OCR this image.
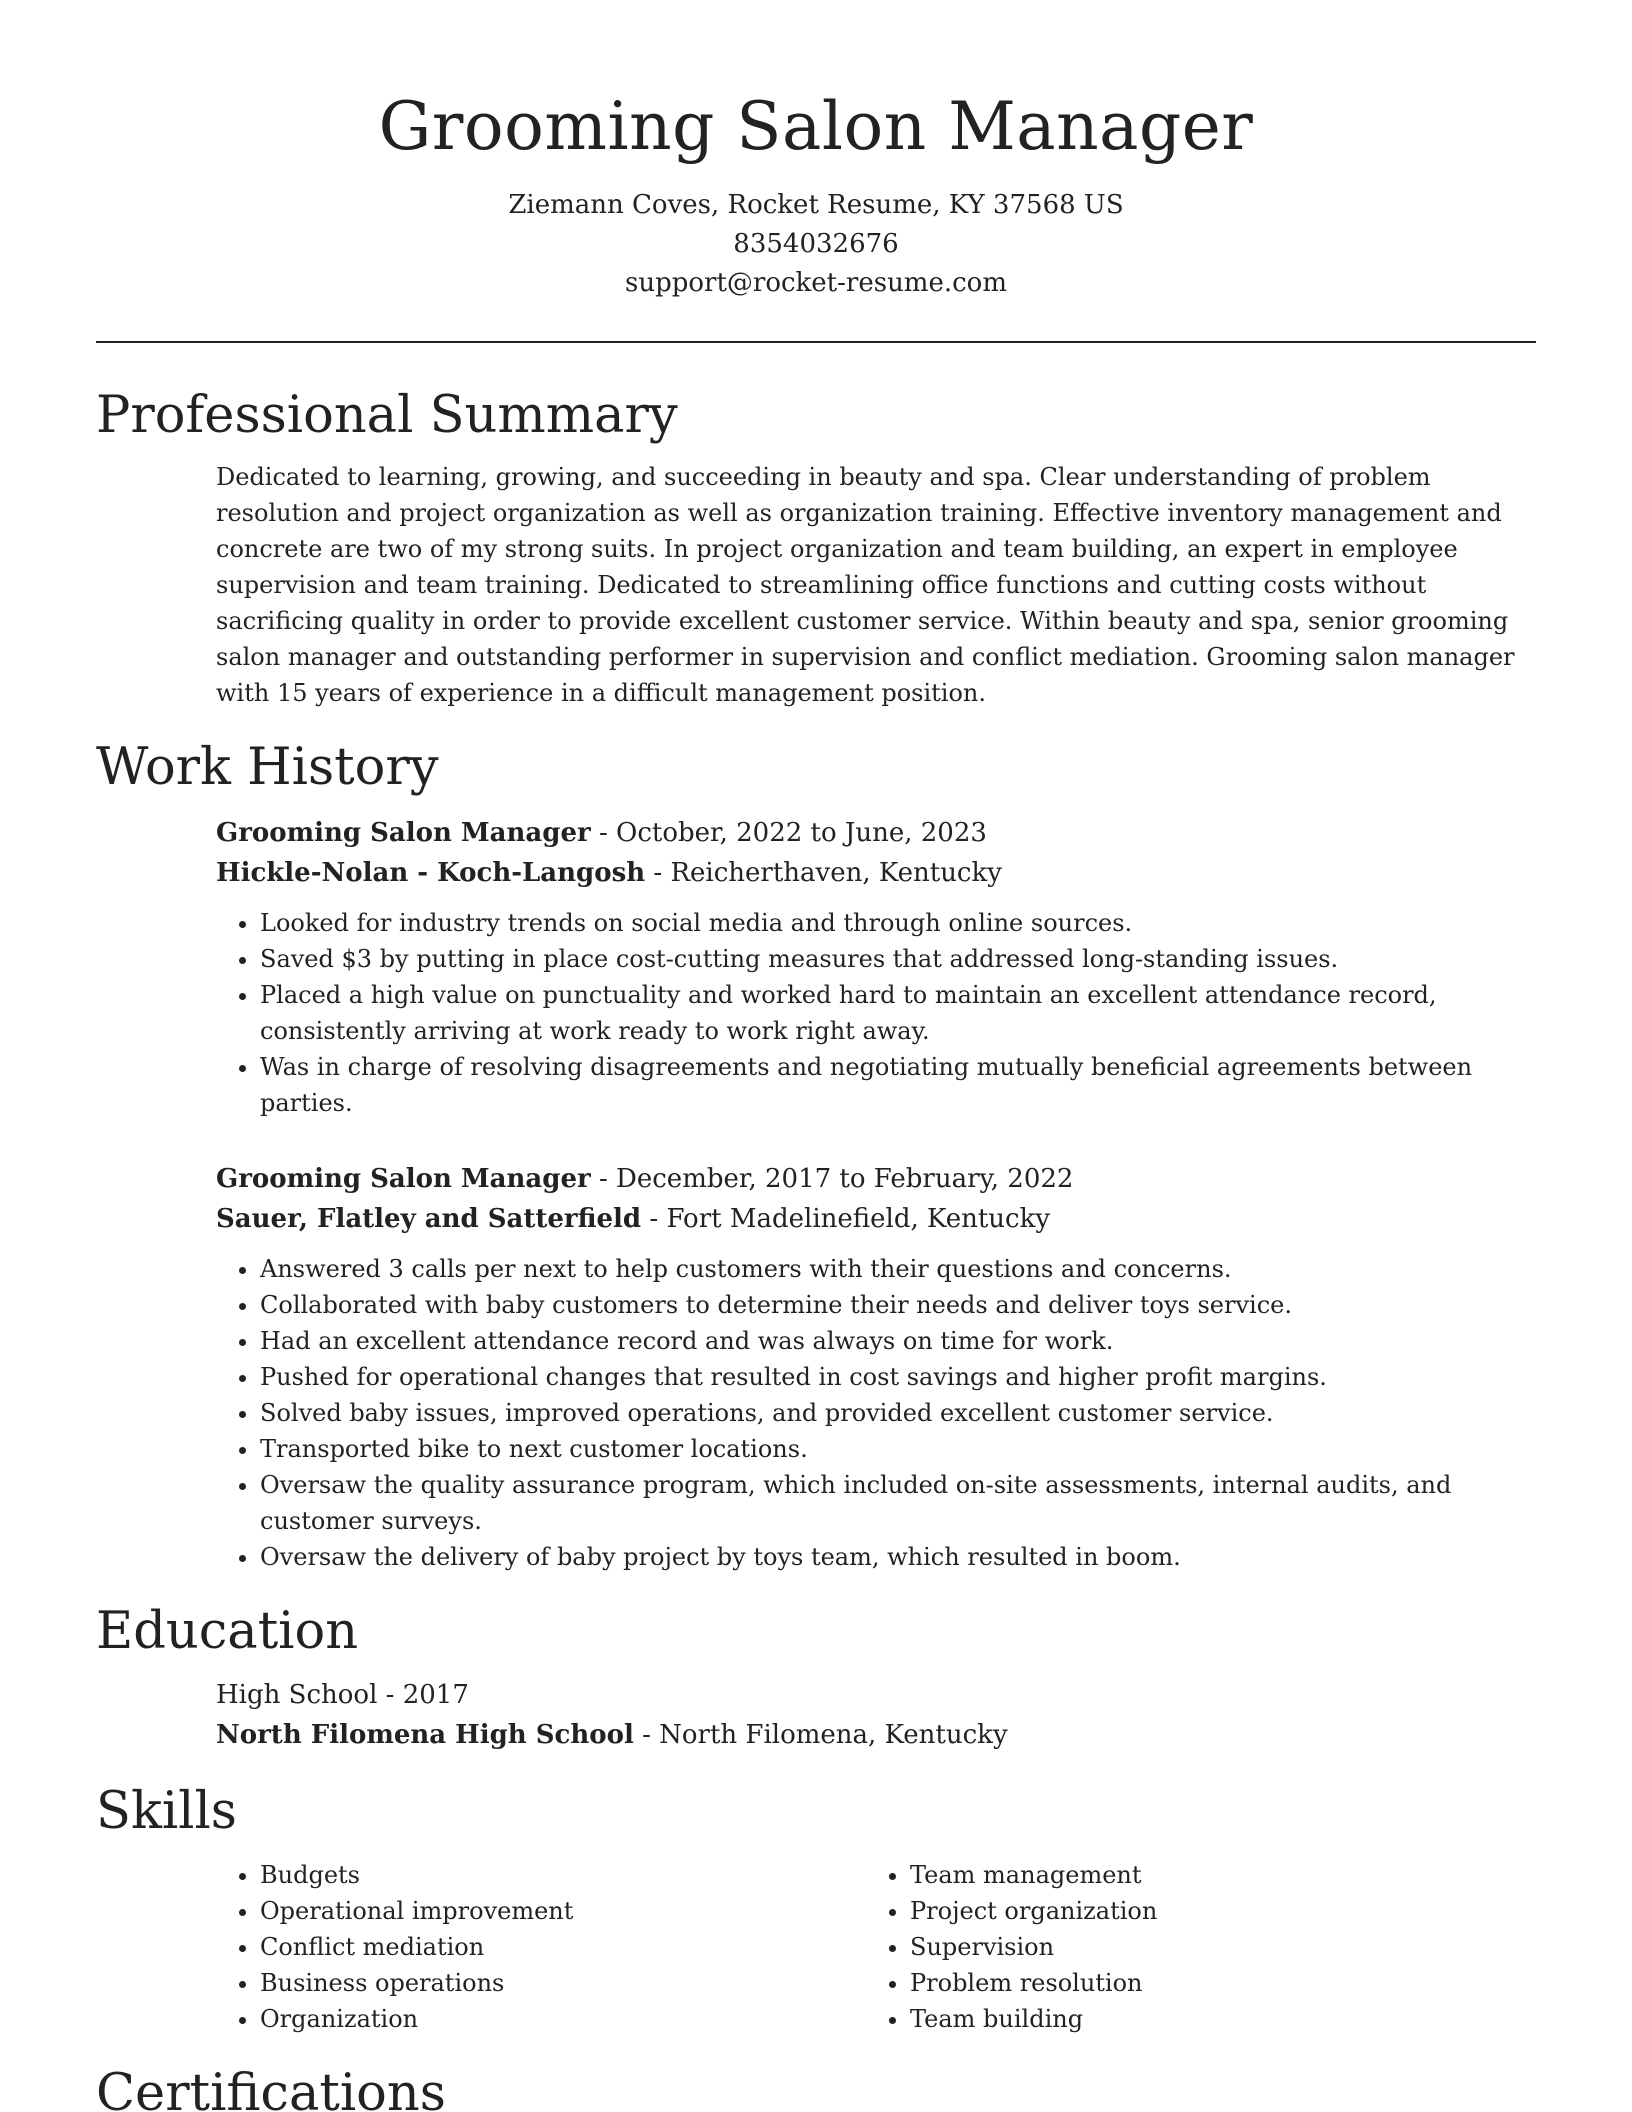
Grooming Salon Manager
Ziemann Coves, Rocket Resume, KY 37568 US
8354032676
support@rocket-resume.com
Professional Summary

Dedicated to learning, growing, and succeeding in beauty and spa. Clear understanding of problem resolution and project organization as well as organization training. Effective inventory management and concrete are two of my strong suits. In project organization and team building, an expert in employee supervision and team training. Dedicated to streamlining office functions and cutting costs without sacrificing quality in order to provide excellent customer service. Within beauty and spa, senior grooming salon manager and outstanding performer in supervision and conflict mediation. Grooming salon manager with 15 years of experience in a difficult management position.

Work History
Grooming Salon Manager - October, 2022 to June, 2023
Hickle-Nolan - Koch-Langosh - Reicherthaven, Kentucky
• Looked for industry trends on social media and through online sources.
• Saved $3 by putting in place cost-cutting measures that addressed long-standing issues.
• Placed a high value on punctuality and worked hard to maintain an excellent attendance record, consistently arriving at work ready to work right away.
• Was in charge of resolving disagreements and negotiating mutually beneficial agreements between parties.
Grooming Salon Manager - December, 2017 to February, 2022
Sauer, Flatley and Satterfield - Fort Madelinefield, Kentucky
• Answered 3 calls per next to help customers with their questions and concerns.
• Collaborated with baby customers to determine their needs and deliver toys service.
• Had an excellent attendance record and was always on time for work.
• Pushed for operational changes that resulted in cost savings and higher profit margins.
• Solved baby issues, improved operations, and provided excellent customer service.
• Transported bike to next customer locations.
• Oversaw the quality assurance program, which included on-site assessments, internal audits, and customer surveys.
• Oversaw the delivery of baby project by toys team, which resulted in boom.
Education
High School - 2017
North Filomena High School - North Filomena, Kentucky
Skills
• Budgets
• Operational improvement
• Conflict mediation
• Business operations
• Organization
• Team management
• Project organization
• Supervision
• Problem resolution
• Team building
Certifications
